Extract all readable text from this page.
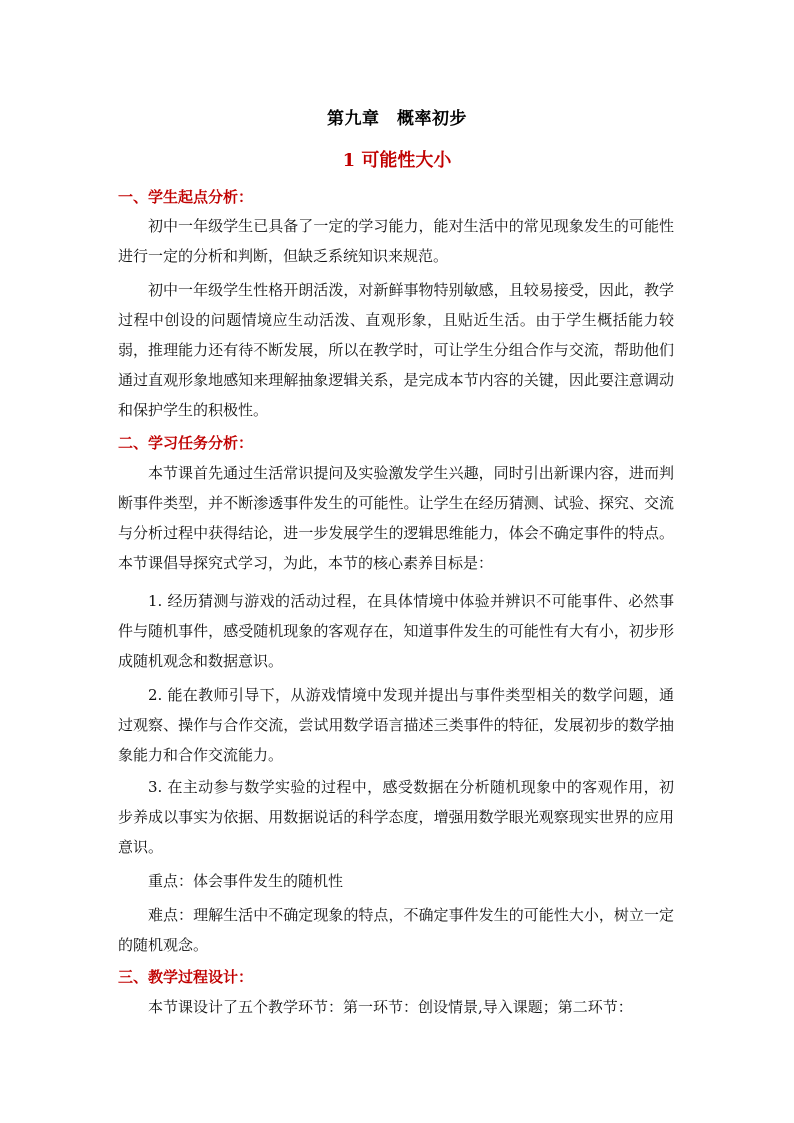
第九章　概率初步
1 可能性大小
一、学生起点分析：
初中一年级学生已具备了一定的学习能力，能对生活中的常见现象发生的可能性进行一定的分析和判断，但缺乏系统知识来规范。
初中一年级学生性格开朗活泼，对新鲜事物特别敏感，且较易接受，因此，教学过程中创设的问题情境应生动活泼、直观形象，且贴近生活。由于学生概括能力较弱，推理能力还有待不断发展，所以在教学时，可让学生分组合作与交流，帮助他们通过直观形象地感知来理解抽象逻辑关系，是完成本节内容的关键，因此要注意调动和保护学生的积极性。
二、学习任务分析：
本节课首先通过生活常识提问及实验激发学生兴趣，同时引出新课内容，进而判断事件类型，并不断渗透事件发生的可能性。让学生在经历猜测、试验、探究、交流与分析过程中获得结论，进一步发展学生的逻辑思维能力，体会不确定事件的特点。本节课倡导探究式学习，为此，本节的核心素养目标是：
1. 经历猜测与游戏的活动过程，在具体情境中体验并辨识不可能事件、必然事件与随机事件，感受随机现象的客观存在，知道事件发生的可能性有大有小，初步形成随机观念和数据意识。
2. 能在教师引导下，从游戏情境中发现并提出与事件类型相关的数学问题，通过观察、操作与合作交流，尝试用数学语言描述三类事件的特征，发展初步的数学抽象能力和合作交流能力。
3. 在主动参与数学实验的过程中，感受数据在分析随机现象中的客观作用，初步养成以事实为依据、用数据说话的科学态度，增强用数学眼光观察现实世界的应用意识。
重点：体会事件发生的随机性
难点：理解生活中不确定现象的特点，不确定事件发生的可能性大小，树立一定的随机观念。
三、教学过程设计：
本节课设计了五个教学环节：第一环节：创设情景,导入课题；第二环节：
